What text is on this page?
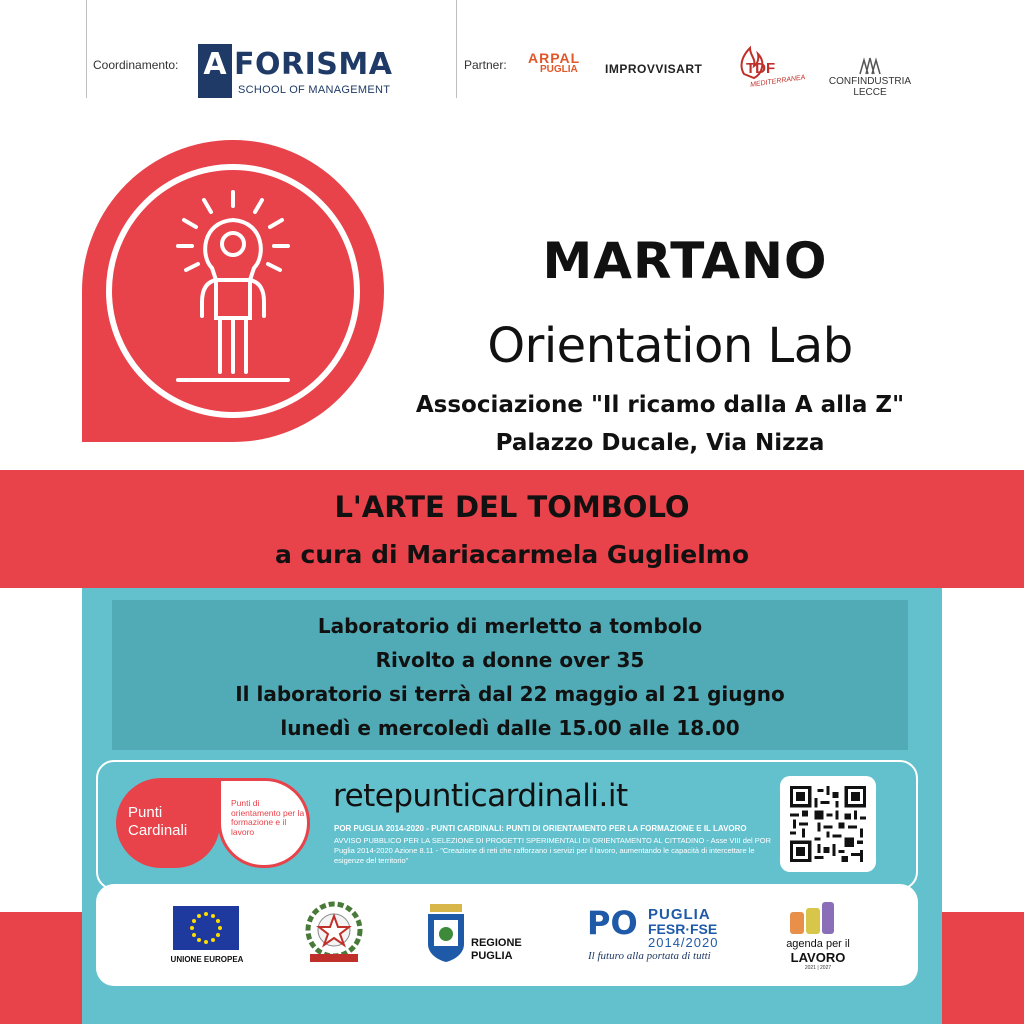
Coordinamento: A FORISMA
SCHOOL OF MANAGEMENT
Partner: ARPAL
PUGLIA	IMPROVVISART	TDF
MEDITERRANEA	CONFINDUSTRIA LECCE
MARTANO
Orientation Lab
Associazione "Il ricamo dalla A alla Z"
Palazzo Ducale, Via Nizza
L'ARTE DEL TOMBOLO
a cura di Mariacarmela Guglielmo
Laboratorio di merletto a tombolo
Rivolto a donne over 35
Il laboratorio si terrà dal 22 maggio al 21 giugno
lunedì e mercoledì dalle 15.00 alle 18.00
Punti
Cardinali
Punti di orientamento per la formazione e il lavoro
retepunticardinali.it
POR PUGLIA 2014-2020 - PUNTI CARDINALI: PUNTI DI ORIENTAMENTO PER LA FORMAZIONE E IL LAVORO
AVVISO PUBBLICO PER LA SELEZIONE DI PROGETTI SPERIMENTALI DI ORIENTAMENTO AL CITTADINO - Asse VIII del POR Puglia 2014-2020 Azione 8.11 - "Creazione di reti che rafforzano i servizi per il lavoro, aumentando le capacità di intercettare le esigenze del territorio"
UNIONE EUROPEA
REGIONE
PUGLIA
PO PUGLIA
FESR·FSE
2014/2020
Il futuro alla portata di tutti
agenda per il
LAVORO
2021 | 2027
